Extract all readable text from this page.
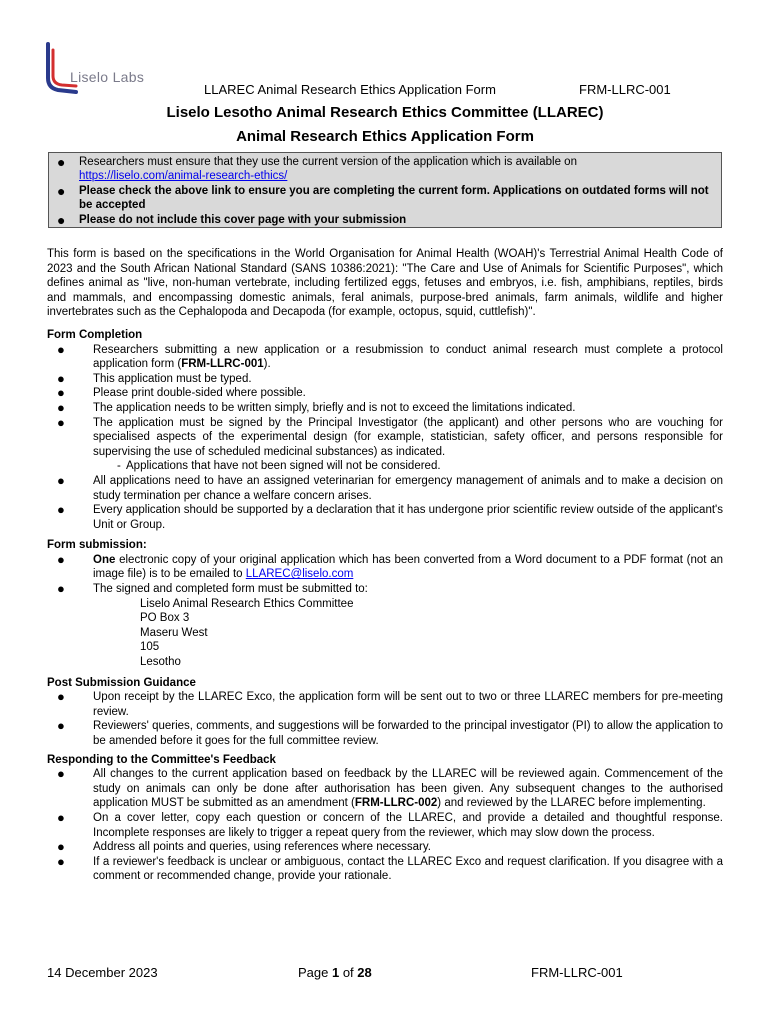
Liselo Labs
LLAREC Animal Research Ethics Application Form	FRM-LLRC-001
Liselo Lesotho Animal Research Ethics Committee (LLAREC)
Animal Research Ethics Application Form
● Researchers must ensure that they use the current version of the application which is available on
https://liselo.com/animal-research-ethics/
● Please check the above link to ensure you are completing the current form. Applications on outdated forms will not be accepted
● Please do not include this cover page with your submission

This form is based on the specifications in the World Organisation for Animal Health (WOAH)'s Terrestrial Animal Health Code of 2023 and the South African National Standard (SANS 10386:2021): "The Care and Use of Animals for Scientific Purposes", which defines animal as "live, non-human vertebrate, including fertilized eggs, fetuses and embryos, i.e. fish, amphibians, reptiles, birds and mammals, and encompassing domestic animals, feral animals, purpose-bred animals, farm animals, wildlife and higher invertebrates such as the Cephalopoda and Decapoda (for example, octopus, squid, cuttlefish)".

Form Completion

● Researchers submitting a new application or a resubmission to conduct animal research must complete a protocol application form (FRM-LLRC-001).
● This application must be typed.
● Please print double-sided where possible.
● The application needs to be written simply, briefly and is not to exceed the limitations indicated.
● The application must be signed by the Principal Investigator (the applicant) and other persons who are vouching for specialised aspects of the experimental design (for example, statistician, safety officer, and persons responsible for supervising the use of scheduled medicinal substances) as indicated.
- Applications that have not been signed will not be considered.
● All applications need to have an assigned veterinarian for emergency management of animals and to make a decision on study termination per chance a welfare concern arises.
● Every application should be supported by a declaration that it has undergone prior scientific review outside of the applicant's Unit or Group.

Form submission:

● One electronic copy of your original application which has been converted from a Word document to a PDF format (not an image file) is to be emailed to LLAREC@liselo.com
● The signed and completed form must be submitted to:
Liselo Animal Research Ethics Committee
PO Box 3
Maseru West
105
Lesotho

Post Submission Guidance

● Upon receipt by the LLAREC Exco, the application form will be sent out to two or three LLAREC members for pre-meeting review.
● Reviewers' queries, comments, and suggestions will be forwarded to the principal investigator (PI) to allow the application to be amended before it goes for the full committee review.

Responding to the Committee's Feedback

● All changes to the current application based on feedback by the LLAREC will be reviewed again. Commencement of the study on animals can only be done after authorisation has been given. Any subsequent changes to the authorised application MUST be submitted as an amendment (FRM-LLRC-002) and reviewed by the LLAREC before implementing.
● On a cover letter, copy each question or concern of the LLAREC, and provide a detailed and thoughtful response. Incomplete responses are likely to trigger a repeat query from the reviewer, which may slow down the process.
● Address all points and queries, using references where necessary.
● If a reviewer's feedback is unclear or ambiguous, contact the LLAREC Exco and request clarification. If you disagree with a comment or recommended change, provide your rationale.
14 December 2023	Page 1 of 28	FRM-LLRC-001
